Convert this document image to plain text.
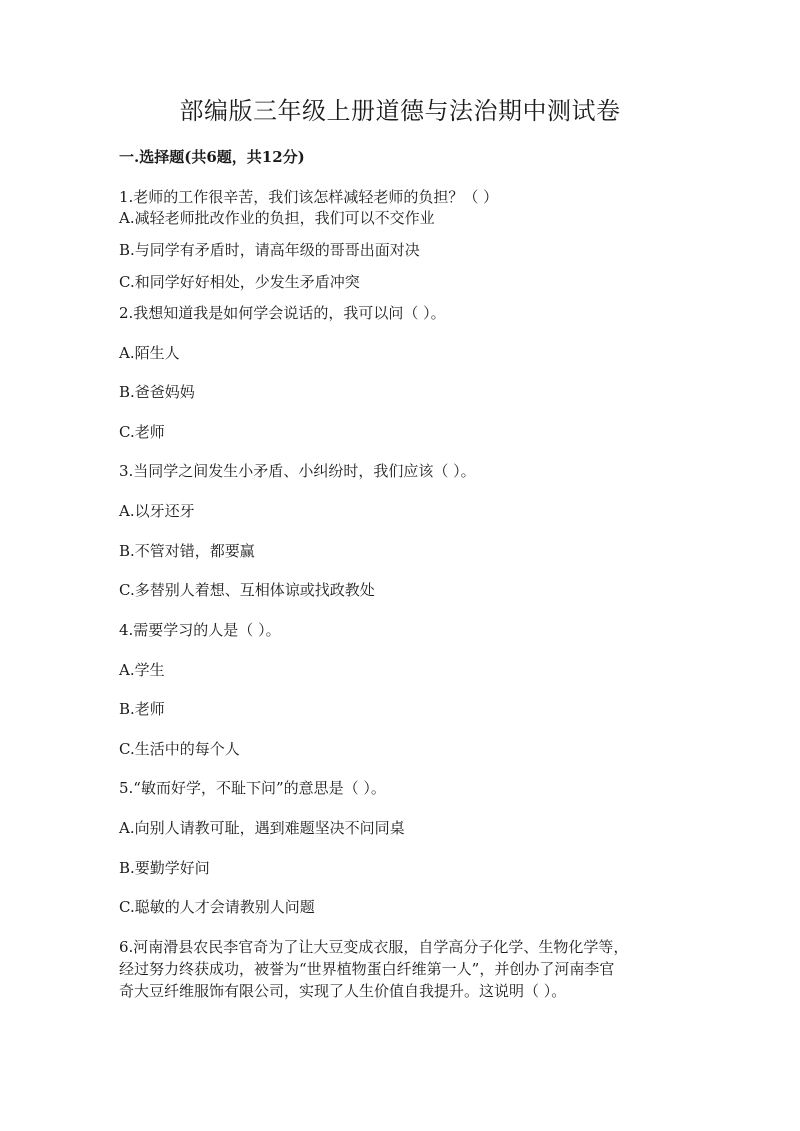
部编版三年级上册道德与法治期中测试卷
一.选择题(共6题，共12分)

1.老师的工作很辛苦，我们该怎样减轻老师的负担？（ ）

A.减轻老师批改作业的负担，我们可以不交作业

B.与同学有矛盾时，请高年级的哥哥出面对决

C.和同学好好相处，少发生矛盾冲突

2.我想知道我是如何学会说话的，我可以问（ ）。

A.陌生人

B.爸爸妈妈

C.老师

3.当同学之间发生小矛盾、小纠纷时，我们应该（ ）。

A.以牙还牙

B.不管对错，都要赢

C.多替别人着想、互相体谅或找政教处

4.需要学习的人是（ ）。

A.学生

B.老师

C.生活中的每个人

5.“敏而好学，不耻下问”的意思是（ ）。

A.向别人请教可耻，遇到难题坚决不问同桌

B.要勤学好问

C.聪敏的人才会请教别人问题

6.河南滑县农民李官奇为了让大豆变成衣服，自学高分子化学、生物化学等，

经过努力终获成功，被誉为“世界植物蛋白纤维第一人”，并创办了河南李官

奇大豆纤维服饰有限公司，实现了人生价值自我提升。这说明（ ）。
